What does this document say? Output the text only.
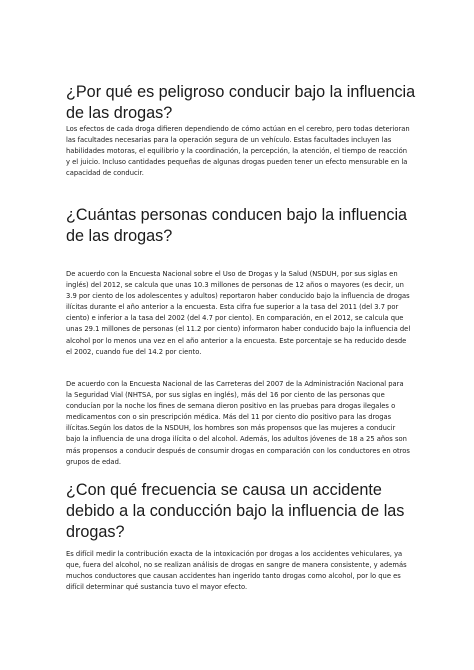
¿Por qué es peligroso conducir bajo la influencia de las drogas?

Los efectos de cada droga difieren dependiendo de cómo actúan en el cerebro, pero todas deterioran las facultades necesarias para la operación segura de un vehículo. Estas facultades incluyen las habilidades motoras, el equilibrio y la coordinación, la percepción, la atención, el tiempo de reacción y el juicio. Incluso cantidades pequeñas de algunas drogas pueden tener un efecto mensurable en la capacidad de conducir.

¿Cuántas personas conducen bajo la influencia de las drogas?

De acuerdo con la Encuesta Nacional sobre el Uso de Drogas y la Salud (NSDUH, por sus siglas en inglés) del 2012, se calcula que unas 10.3 millones de personas de 12 años o mayores (es decir, un 3.9 por ciento de los adolescentes y adultos) reportaron haber conducido bajo la influencia de drogas ilícitas durante el año anterior a la encuesta. Esta cifra fue superior a la tasa del 2011 (del 3.7 por ciento) e inferior a la tasa del 2002 (del 4.7 por ciento). En comparación, en el 2012, se calcula que unas 29.1 millones de personas (el 11.2 por ciento) informaron haber conducido bajo la influencia del alcohol por lo menos una vez en el año anterior a la encuesta. Este porcentaje se ha reducido desde el 2002, cuando fue del 14.2 por ciento.

De acuerdo con la Encuesta Nacional de las Carreteras del 2007 de la Administración Nacional para la Seguridad Vial (NHTSA, por sus siglas en inglés), más del 16 por ciento de las personas que conducían por la noche los fines de semana dieron positivo en las pruebas para drogas ilegales o medicamentos con o sin prescripción médica. Más del 11 por ciento dio positivo para las drogas ilícitas.Según los datos de la NSDUH, los hombres son más propensos que las mujeres a conducir bajo la influencia de una droga ilícita o del alcohol. Además, los adultos jóvenes de 18 a 25 años son más propensos a conducir después de consumir drogas en comparación con los conductores en otros grupos de edad.

¿Con qué frecuencia se causa un accidente debido a la conducción bajo la influencia de las drogas?

Es difícil medir la contribución exacta de la intoxicación por drogas a los accidentes vehiculares, ya que, fuera del alcohol, no se realizan análisis de drogas en sangre de manera consistente, y además muchos conductores que causan accidentes han ingerido tanto drogas como alcohol, por lo que es difícil determinar qué sustancia tuvo el mayor efecto.
